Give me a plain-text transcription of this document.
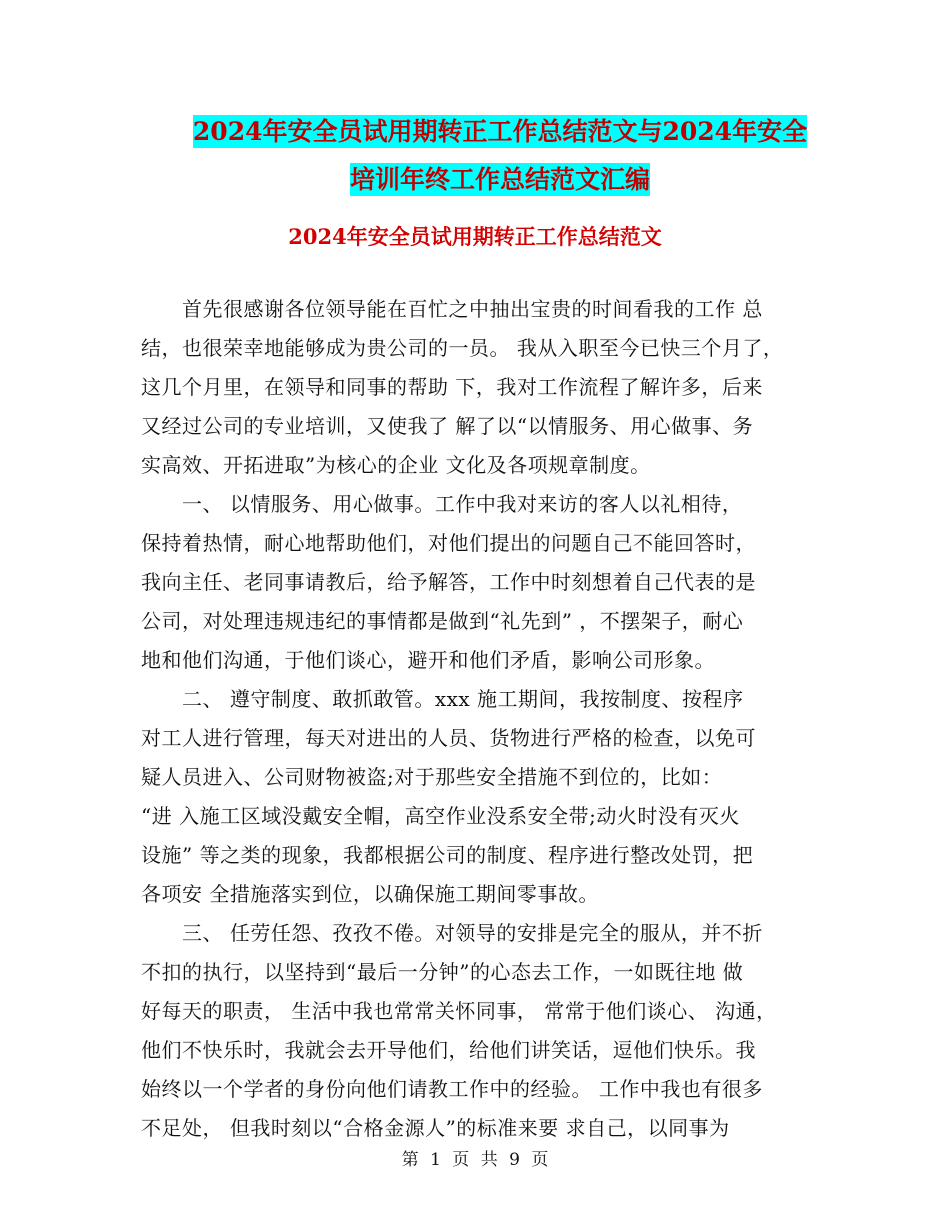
2024年安全员试用期转正工作总结范文与2024年安全
培训年终工作总结范文汇编
2024年安全员试用期转正工作总结范文

　　首先很感谢各位领导能在百忙之中抽出宝贵的时间看我的工作 总

结，也很荣幸地能够成为贵公司的一员。 我从入职至今已快三个月了，

这几个月里，在领导和同事的帮助 下，我对工作流程了解许多，后来

又经过公司的专业培训，又使我了 解了以“以情服务、用心做事、务

实高效、开拓进取”为核心的企业 文化及各项规章制度。

　　一、 以情服务、用心做事。工作中我对来访的客人以礼相待，

保持着热情，耐心地帮助他们，对他们提出的问题自己不能回答时，

我向主任、老同事请教后，给予解答，工作中时刻想着自己代表的是

公司，对处理违规违纪的事情都是做到“礼先到” ，不摆架子，耐心

地和他们沟通，于他们谈心，避开和他们矛盾，影响公司形象。

　　二、 遵守制度、敢抓敢管。xxx 施工期间，我按制度、按程序

对工人进行管理，每天对进出的人员、货物进行严格的检查，以免可

疑人员进入、公司财物被盗;对于那些安全措施不到位的，比如：

“进 入施工区域没戴安全帽，高空作业没系安全带;动火时没有灭火

设施” 等之类的现象，我都根据公司的制度、程序进行整改处罚，把

各项安 全措施落实到位，以确保施工期间零事故。

　　三、 任劳任怨、孜孜不倦。对领导的安排是完全的服从，并不折

不扣的执行，以坚持到“最后一分钟”的心态去工作，一如既往地 做

好每天的职责， 生活中我也常常关怀同事， 常常于他们谈心、 沟通，

他们不快乐时，我就会去开导他们，给他们讲笑话，逗他们快乐。我

始终以一个学者的身份向他们请教工作中的经验。 工作中我也有很多

不足处， 但我时刻以“合格金源人”的标准来要 求自己，以同事为

第 1 页 共 9 页
